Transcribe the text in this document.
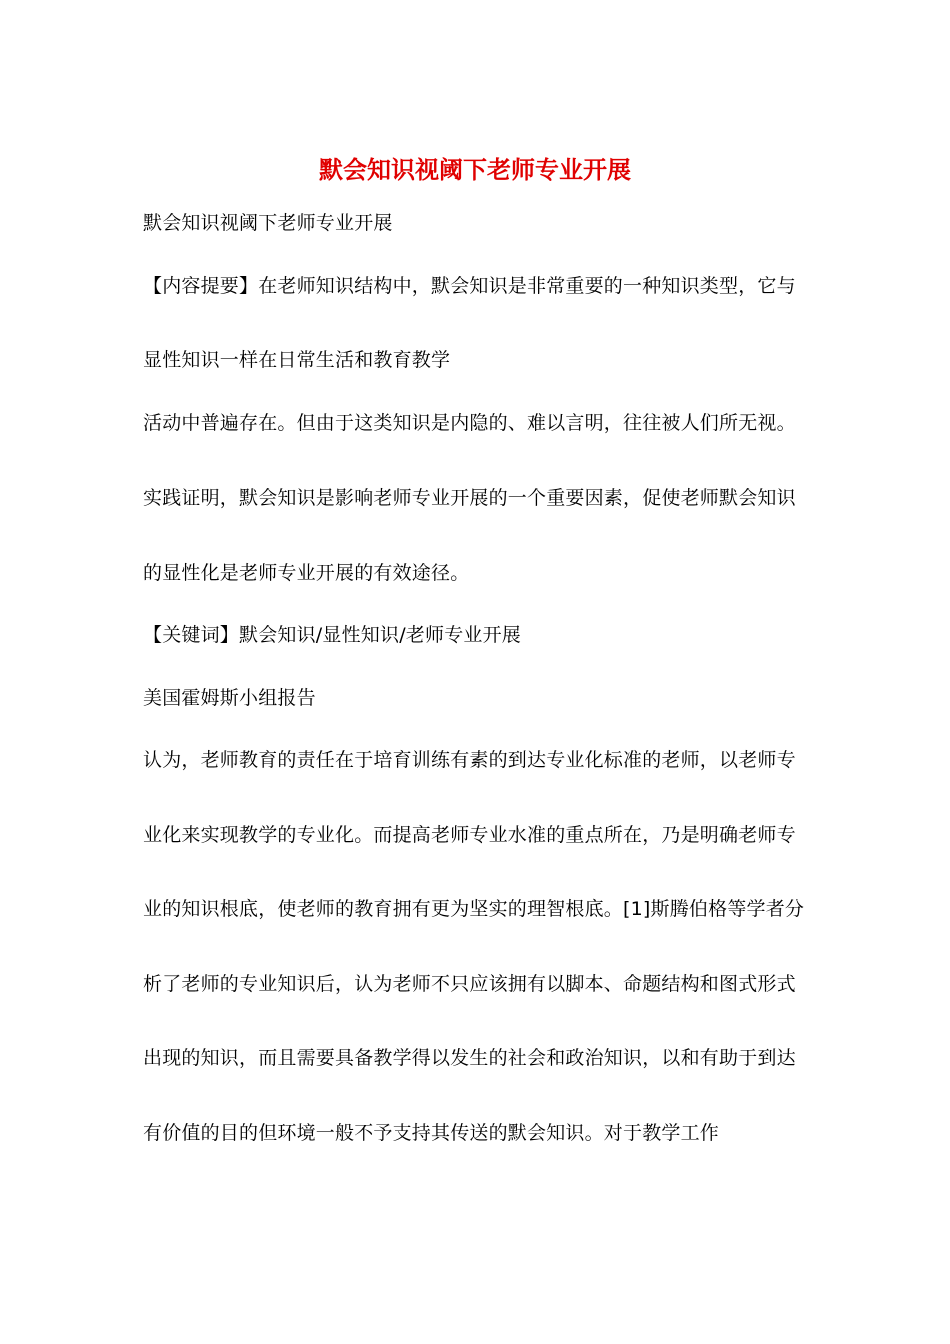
默会知识视阈下老师专业开展
默会知识视阈下老师专业开展
【内容提要】在老师知识结构中，默会知识是非常重要的一种知识类型，它与
显性知识一样在日常生活和教育教学
活动中普遍存在。但由于这类知识是内隐的、难以言明，往往被人们所无视。
实践证明，默会知识是影响老师专业开展的一个重要因素，促使老师默会知识
的显性化是老师专业开展的有效途径。
【关键词】默会知识/显性知识/老师专业开展
美国霍姆斯小组报告
认为，老师教育的责任在于培育训练有素的到达专业化标准的老师，以老师专
业化来实现教学的专业化。而提高老师专业水准的重点所在，乃是明确老师专
业的知识根底，使老师的教育拥有更为坚实的理智根底。[1]斯腾伯格等学者分
析了老师的专业知识后，认为老师不只应该拥有以脚本、命题结构和图式形式
出现的知识，而且需要具备教学得以发生的社会和政治知识，以和有助于到达
有价值的目的但环境一般不予支持其传送的默会知识。对于教学工作
